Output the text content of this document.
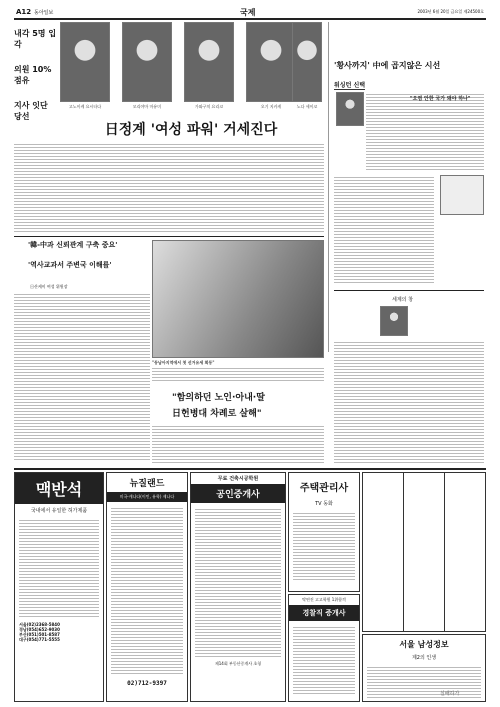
A12 동아일보	국제	2003년 6월 20일 금요일 제24500호
내각 5명 입각
의원 10%점유
지사 잇단 당선
고노이케 요시타다	모리야마 마유미	가와구치 요리코	오기 지카게	노다 세이코
日정계 '여성 파워' 거세진다
'황사까지' 中에 곱지않은 시선
워싱턴 신택
"오염 안한 국가 돼야 하나"
'韓-中과 신뢰관계 구축 중요'
'역사교과서 주변국 이해를'
日산케이 여성 위원장
"동남아지역에서 첫 선거유세 회동"
"함의하던 노인·아내·딸
日헌병대 차례로 살해"
세계의 창
맥반석
국내에서 유일한 허가제품
서울(02)2368-5840
경남(054)652-9030
부산(051)501-8587
대구(054)771-5555
뉴질랜드
미국·캐나다(이민, 유학) 제나다
02)712-9397
무료 건축시공학원
공인중개사
제14회 부동산중개사 초청
주택관리사
TV 동화
탁연진 고고학원 1위합격
경찰직 증개사
서울 남성정보
제2의 인생
실배하가
